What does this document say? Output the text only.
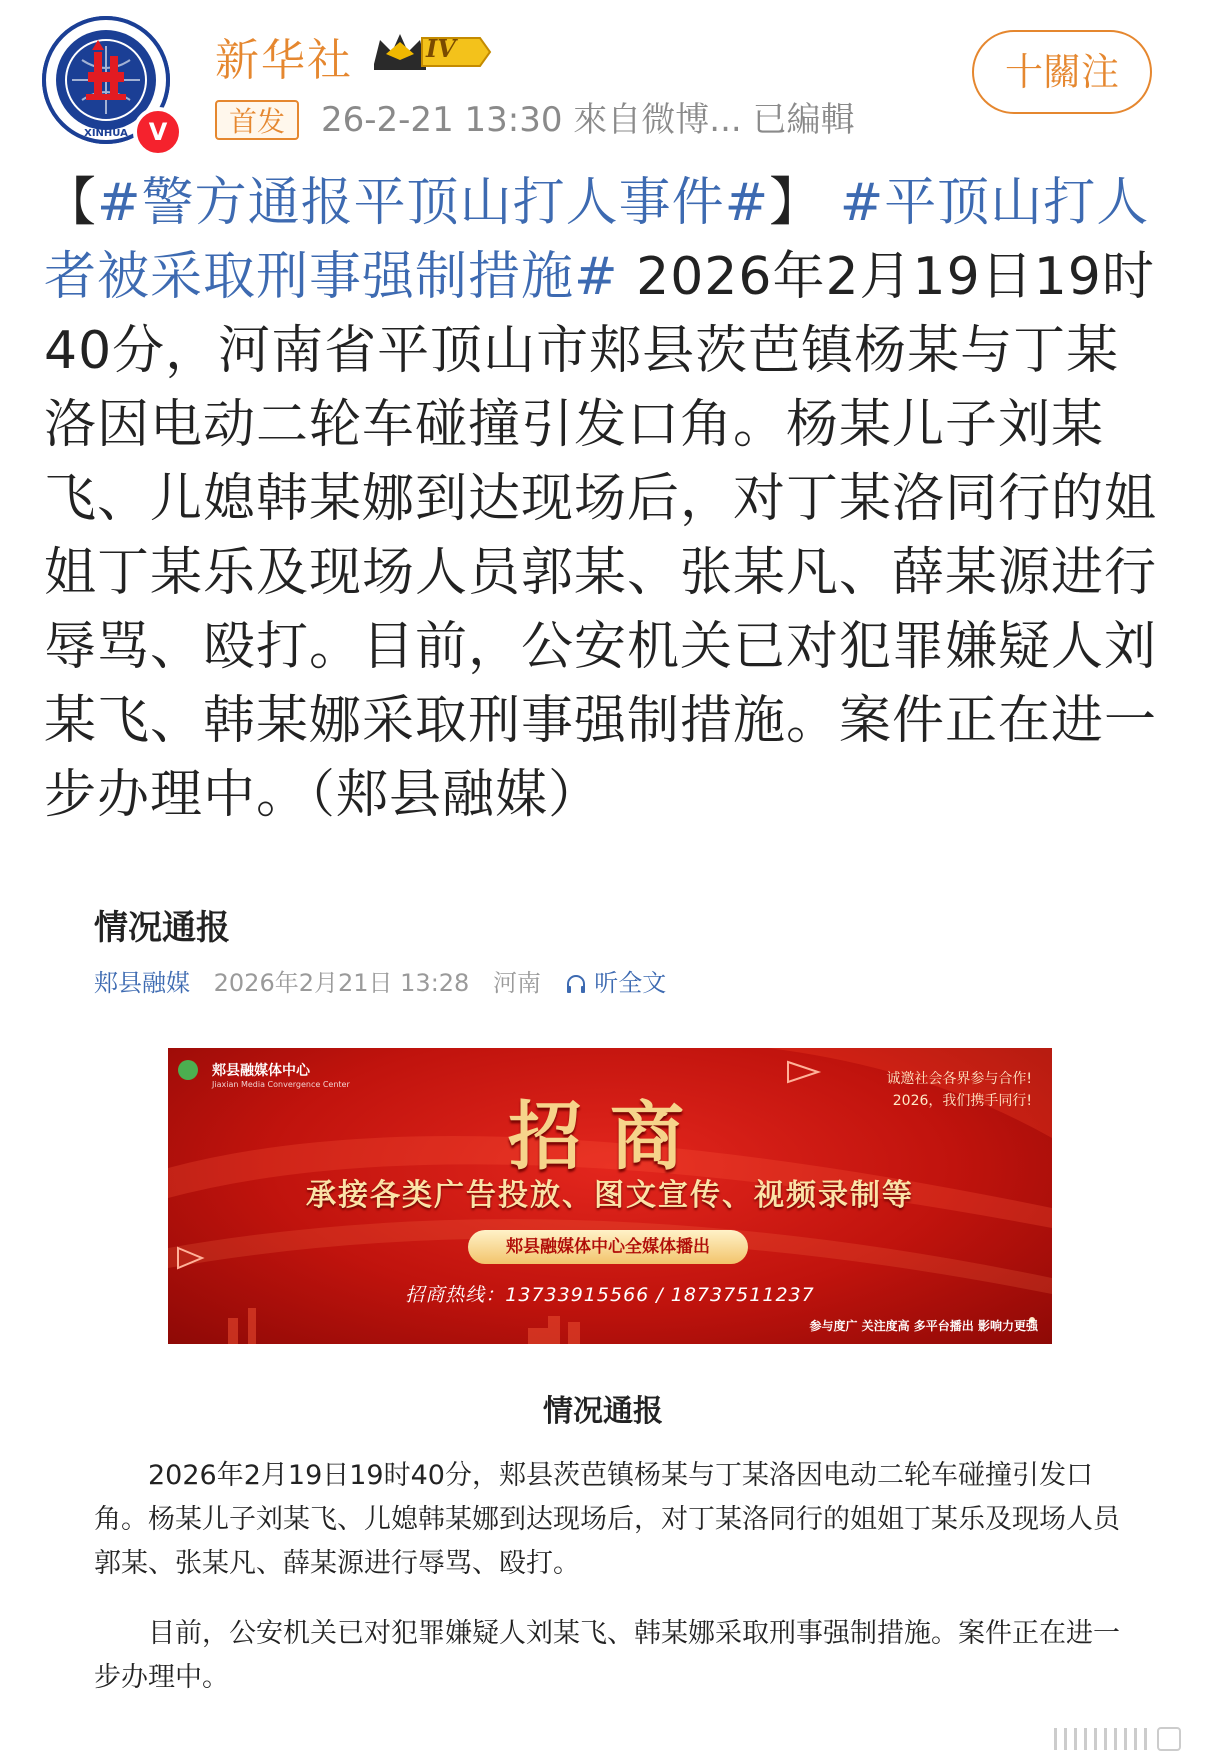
XINHUA V
新华社	IV
首发	26-2-21 13:30 來自微博... 已編輯
十關注
【#警方通报平顶山打人事件#】 #平顶山打人者被采取刑事强制措施# 2026年2月19日19时40分，河南省平顶山市郏县茨芭镇杨某与丁某洛因电动二轮车碰撞引发口角。杨某儿子刘某飞、儿媳韩某娜到达现场后，对丁某洛同行的姐姐丁某乐及现场人员郭某、张某凡、薛某源进行辱骂、殴打。目前，公安机关已对犯罪嫌疑人刘某飞、韩某娜采取刑事强制措施。案件正在进一步办理中。（郏县融媒）
情况通报
郏县融媒 2026年2月21日 13:28 河南 听全文
郏县融媒体中心
Jiaxian Media Convergence Center	诚邀社会各界参与合作!
2026，我们携手同行!
招商
承接各类广告投放、图文宣传、视频录制等
郏县融媒体中心全媒体播出
招商热线：13733915566 / 18737511237
参与度广 关注度高 多平台播出 影响力更强
情况通报
2026年2月19日19时40分，郏县茨芭镇杨某与丁某洛因电动二轮车碰撞引发口角。杨某儿子刘某飞、儿媳韩某娜到达现场后，对丁某洛同行的姐姐丁某乐及现场人员郭某、张某凡、薛某源进行辱骂、殴打。
目前，公安机关已对犯罪嫌疑人刘某飞、韩某娜采取刑事强制措施。案件正在进一步办理中。
